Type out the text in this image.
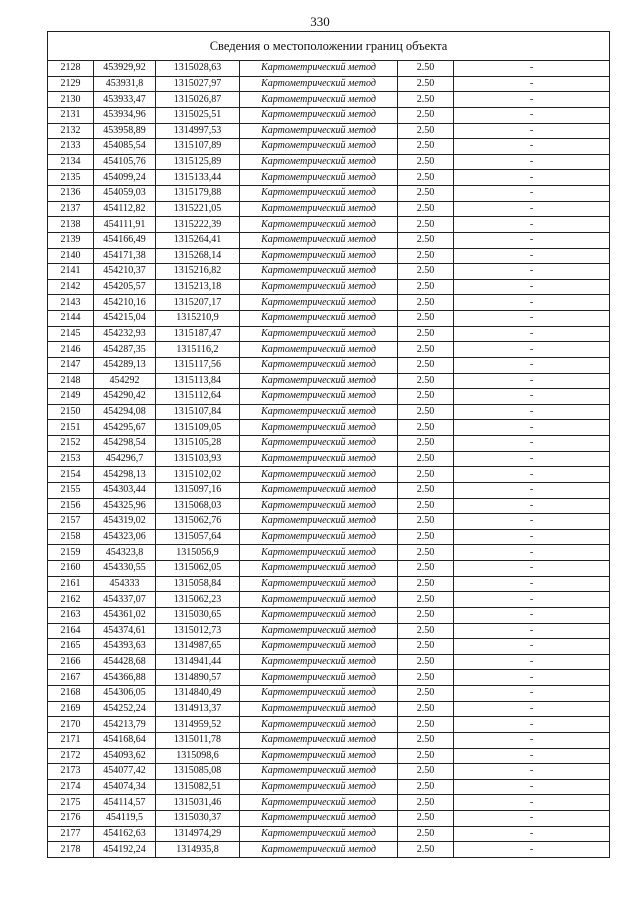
330
Сведения о местоположении границ объекта
2128	453929,92	1315028,63	Картометрический метод	2.50	-
2129	453931,8	1315027,97	Картометрический метод	2.50	-
2130	453933,47	1315026,87	Картометрический метод	2.50	-
2131	453934,96	1315025,51	Картометрический метод	2.50	-
2132	453958,89	1314997,53	Картометрический метод	2.50	-
2133	454085,54	1315107,89	Картометрический метод	2.50	-
2134	454105,76	1315125,89	Картометрический метод	2.50	-
2135	454099,24	1315133,44	Картометрический метод	2.50	-
2136	454059,03	1315179,88	Картометрический метод	2.50	-
2137	454112,82	1315221,05	Картометрический метод	2.50	-
2138	454111,91	1315222,39	Картометрический метод	2.50	-
2139	454166,49	1315264,41	Картометрический метод	2.50	-
2140	454171,38	1315268,14	Картометрический метод	2.50	-
2141	454210,37	1315216,82	Картометрический метод	2.50	-
2142	454205,57	1315213,18	Картометрический метод	2.50	-
2143	454210,16	1315207,17	Картометрический метод	2.50	-
2144	454215,04	1315210,9	Картометрический метод	2.50	-
2145	454232,93	1315187,47	Картометрический метод	2.50	-
2146	454287,35	1315116,2	Картометрический метод	2.50	-
2147	454289,13	1315117,56	Картометрический метод	2.50	-
2148	454292	1315113,84	Картометрический метод	2.50	-
2149	454290,42	1315112,64	Картометрический метод	2.50	-
2150	454294,08	1315107,84	Картометрический метод	2.50	-
2151	454295,67	1315109,05	Картометрический метод	2.50	-
2152	454298,54	1315105,28	Картометрический метод	2.50	-
2153	454296,7	1315103,93	Картометрический метод	2.50	-
2154	454298,13	1315102,02	Картометрический метод	2.50	-
2155	454303,44	1315097,16	Картометрический метод	2.50	-
2156	454325,96	1315068,03	Картометрический метод	2.50	-
2157	454319,02	1315062,76	Картометрический метод	2.50	-
2158	454323,06	1315057,64	Картометрический метод	2.50	-
2159	454323,8	1315056,9	Картометрический метод	2.50	-
2160	454330,55	1315062,05	Картометрический метод	2.50	-
2161	454333	1315058,84	Картометрический метод	2.50	-
2162	454337,07	1315062,23	Картометрический метод	2.50	-
2163	454361,02	1315030,65	Картометрический метод	2.50	-
2164	454374,61	1315012,73	Картометрический метод	2.50	-
2165	454393,63	1314987,65	Картометрический метод	2.50	-
2166	454428,68	1314941,44	Картометрический метод	2.50	-
2167	454366,88	1314890,57	Картометрический метод	2.50	-
2168	454306,05	1314840,49	Картометрический метод	2.50	-
2169	454252,24	1314913,37	Картометрический метод	2.50	-
2170	454213,79	1314959,52	Картометрический метод	2.50	-
2171	454168,64	1315011,78	Картометрический метод	2.50	-
2172	454093,62	1315098,6	Картометрический метод	2.50	-
2173	454077,42	1315085,08	Картометрический метод	2.50	-
2174	454074,34	1315082,51	Картометрический метод	2.50	-
2175	454114,57	1315031,46	Картометрический метод	2.50	-
2176	454119,5	1315030,37	Картометрический метод	2.50	-
2177	454162,63	1314974,29	Картометрический метод	2.50	-
2178	454192,24	1314935,8	Картометрический метод	2.50	-
